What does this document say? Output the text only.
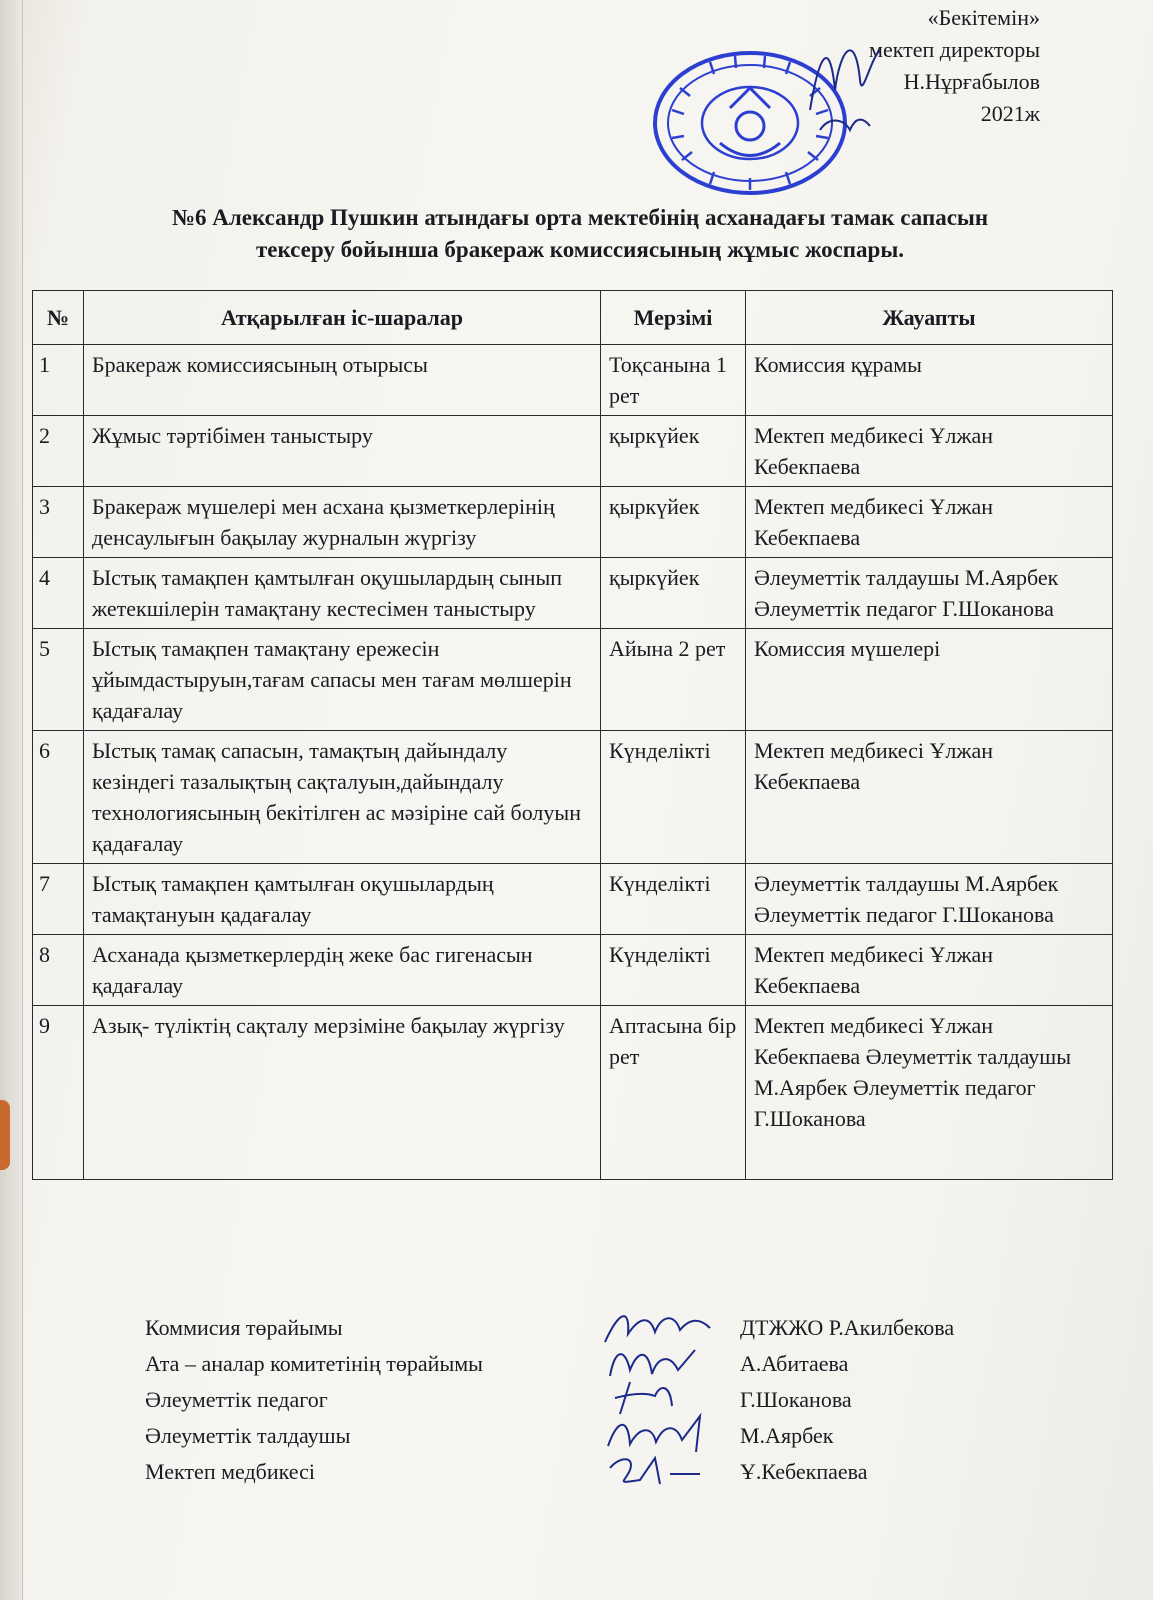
«Бекітемін»
мектеп директоры
Н.Нұрғабылов
2021ж
№6 Александр Пушкин атындағы орта мектебінің асханадағы тамак сапасын тексеру бойынша бракераж комиссиясының жұмыс жоспары.
№	Атқарылған іс-шаралар	Мерзімі	Жауапты
1	Бракераж комиссиясының отырысы	Тоқсанына 1 рет	Комиссия құрамы
2	Жұмыс тәртібімен таныстыру	қыркүйек	Мектеп медбикесі Ұлжан Кебекпаева
3	Бракераж мүшелері мен асхана қызметкерлерінің денсаулығын бақылау журналын жүргізу	қыркүйек	Мектеп медбикесі Ұлжан Кебекпаева
4	Ыстық тамақпен қамтылған оқушылардың сынып жетекшілерін тамақтану кестесімен таныстыру	қыркүйек	Әлеуметтік талдаушы М.Аярбек Әлеуметтік педагог Г.Шоканова
5	Ыстық тамақпен тамақтану ережесін ұйымдастыруын,тағам сапасы мен тағам мөлшерін қадағалау	Айына 2 рет	Комиссия мүшелері
6	Ыстық тамақ сапасын, тамақтың дайындалу кезіндегі тазалықтың сақталуын,дайындалу технологиясының бекітілген ас мәзіріне сай болуын қадағалау	Күнделікті	Мектеп медбикесі Ұлжан Кебекпаева
7	Ыстық тамақпен қамтылған оқушылардың тамақтануын қадағалау	Күнделікті	Әлеуметтік талдаушы М.Аярбек Әлеуметтік педагог Г.Шоканова
8	Асханада қызметкерлердің жеке бас гигенасын қадағалау	Күнделікті	Мектеп медбикесі Ұлжан Кебекпаева
9	Азық- түліктің сақталу мерзіміне бақылау жүргізу	Аптасына бір рет	Мектеп медбикесі Ұлжан Кебекпаева Әлеуметтік талдаушы М.Аярбек Әлеуметтік педагог Г.Шоканова
Коммисия төрайымы	ДТЖЖО Р.Акилбекова
Ата – аналар комитетінің төрайымы	А.Абитаева
Әлеуметтік педагог	Г.Шоканова
Әлеуметтік талдаушы	М.Аярбек
Мектеп медбикесі	Ұ.Кебекпаева
